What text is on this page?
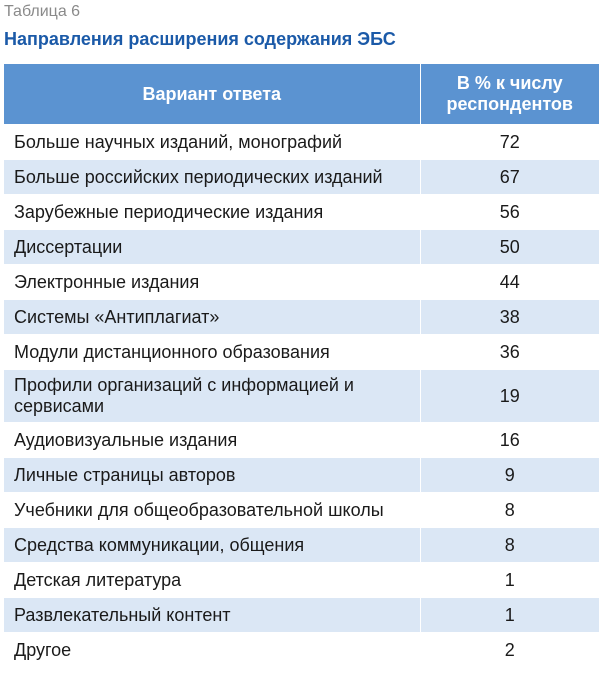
Таблица 6
Направления расширения содержания ЭБС
Вариант ответа	В % к числу респондентов
Больше научных изданий, монографий	72
Больше российских периодических изданий	67
Зарубежные периодические издания	56
Диссертации	50
Электронные издания	44
Системы «Антиплагиат»	38
Модули дистанционного образования	36
Профили организаций с информацией и сервисами	19
Аудиовизуальные издания	16
Личные страницы авторов	9
Учебники для общеобразовательной школы	8
Средства коммуникации, общения	8
Детская литература	1
Развлекательный контент	1
Другое	2
